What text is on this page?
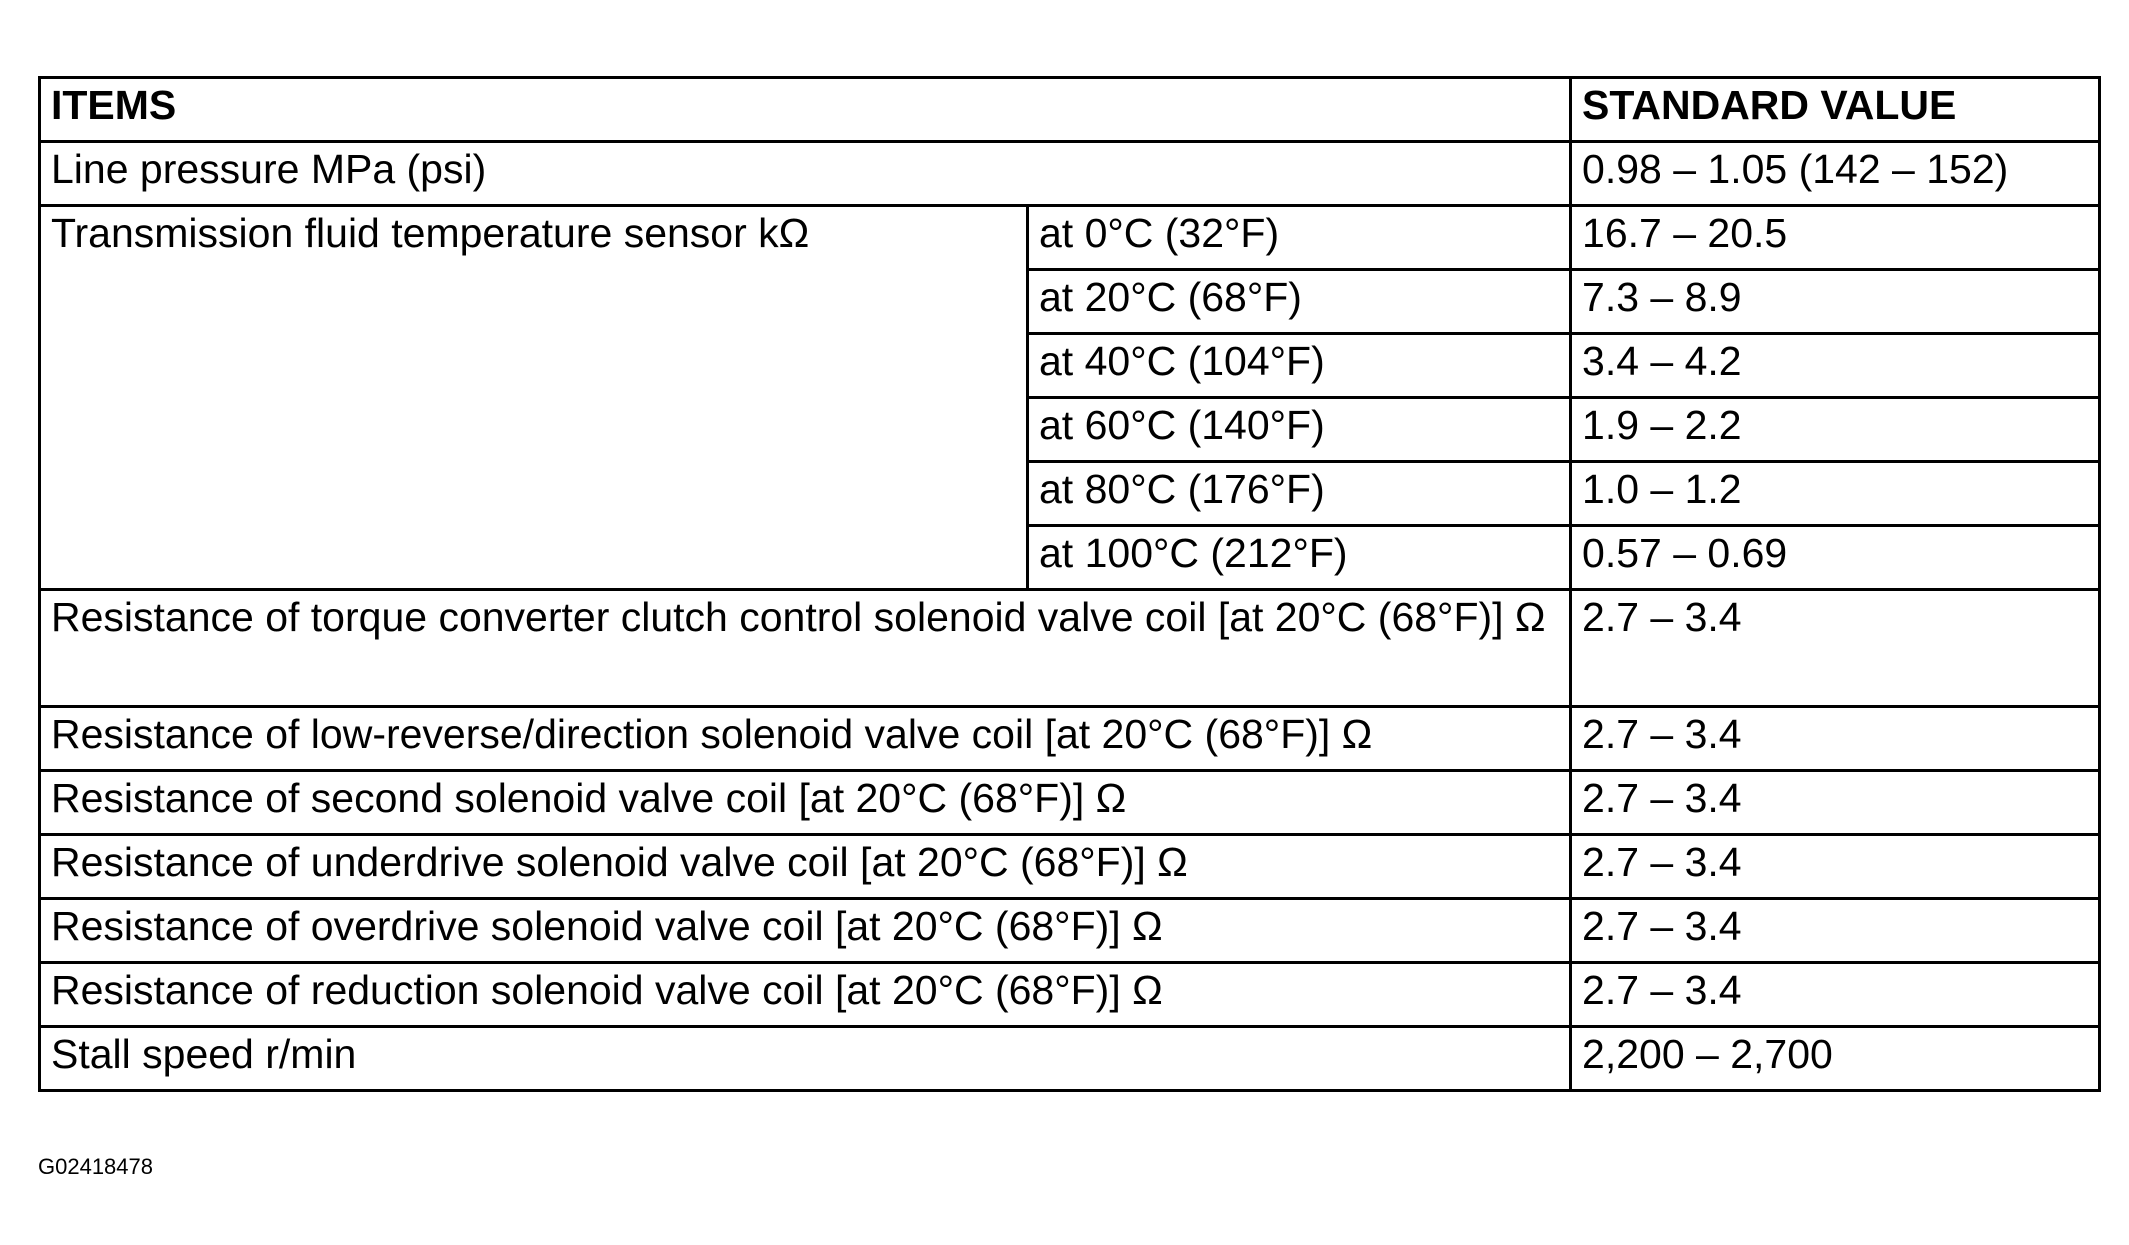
ITEMS		STANDARD VALUE
Line pressure MPa (psi)		0.98 – 1.05 (142 – 152)
Transmission fluid temperature sensor kΩ	at 0°C (32°F)	16.7 – 20.5
	at 20°C (68°F)	7.3 – 8.9
	at 40°C (104°F)	3.4 – 4.2
	at 60°C (140°F)	1.9 – 2.2
	at 80°C (176°F)	1.0 – 1.2
	at 100°C (212°F)	0.57 – 0.69
Resistance of torque converter clutch control solenoid valve coil [at 20°C (68°F)] Ω		2.7 – 3.4
Resistance of low-reverse/direction solenoid valve coil [at 20°C (68°F)] Ω		2.7 – 3.4
Resistance of second solenoid valve coil [at 20°C (68°F)] Ω		2.7 – 3.4
Resistance of underdrive solenoid valve coil [at 20°C (68°F)] Ω		2.7 – 3.4
Resistance of overdrive solenoid valve coil [at 20°C (68°F)] Ω		2.7 – 3.4
Resistance of reduction solenoid valve coil [at 20°C (68°F)] Ω		2.7 – 3.4
Stall speed r/min		2,200 – 2,700
G02418478
